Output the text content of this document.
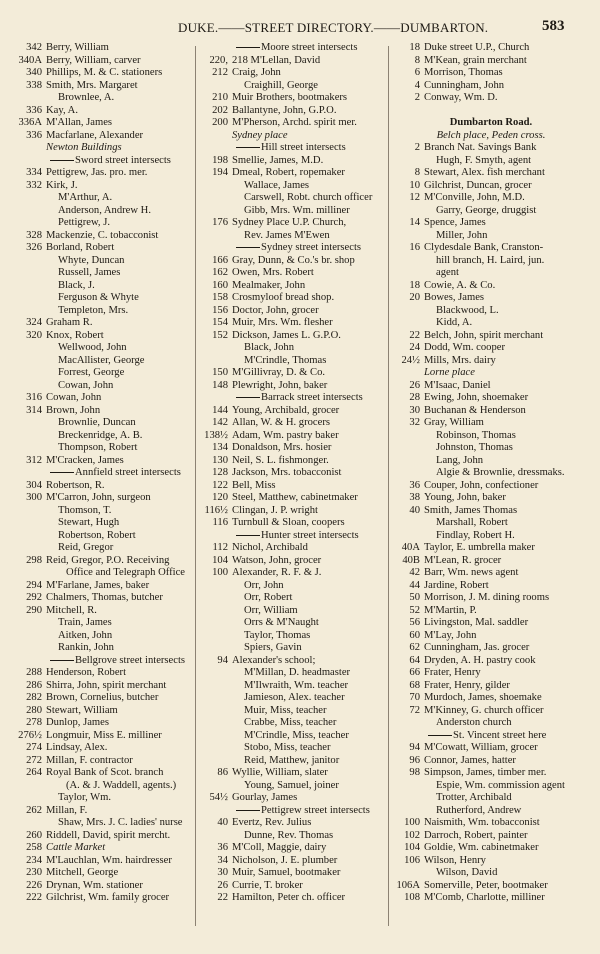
DUKE.——STREET DIRECTORY.——DUMBARTON.	583
342 Berry, William
340A Berry, William, carver
340 Phillips, M. & C. stationers
338 Smith, Mrs. Margaret
Brownlee, A.
336 Kay, A.
336A M'Allan, James
336 Macfarlane, Alexander
Newton Buildings
Sword street intersects
334 Pettigrew, Jas. pro. mer.
332 Kirk, J.
M'Arthur, A.
Anderson, Andrew H.
Pettigrew, J.
328 Mackenzie, C. tobacconist
326 Borland, Robert
Whyte, Duncan
Russell, James
Black, J.
Ferguson & Whyte
Templeton, Mrs.
324 Graham R.
320 Knox, Robert
Wellwood, John
MacAllister, George
Forrest, George
Cowan, John
316 Cowan, John
314 Brown, John
Brownlie, Duncan
Breckenridge, A. B.
Thompson, Robert
312 M'Cracken, James
Annfield street intersects
304 Robertson, R.
300 M'Carron, John, surgeon
Thomson, T.
Stewart, Hugh
Robertson, Robert
Reid, Gregor
298 Reid, Gregor, P.O. Receiving
Office and Telegraph Office
294 M'Farlane, James, baker
292 Chalmers, Thomas, butcher
290 Mitchell, R.
Train, James
Aitken, John
Rankin, John
Bellgrove street intersects
288 Henderson, Robert
286 Shirra, John, spirit merchant
282 Brown, Cornelius, butcher
280 Stewart, William
278 Dunlop, James
276½ Longmuir, Miss E. milliner
274 Lindsay, Alex.
272 Millan, F. contractor
264 Royal Bank of Scot. branch
(A. & J. Waddell, agents.)
Taylor, Wm.
262 Millan, F.
Shaw, Mrs. J. C. ladies' nurse
260 Riddell, David, spirit mercht.
258 Cattle Market
234 M'Lauchlan, Wm. hairdresser
230 Mitchell, George
226 Drynan, Wm. stationer
222 Gilchrist, Wm. family grocer
Moore street intersects
220, 218 M'Lellan, David
212 Craig, John
Craighill, George
210 Muir Brothers, bootmakers
202 Ballantyne, John, G.P.O.
200 M'Pherson, Archd. spirit mer.
Sydney place
Hill street intersects
198 Smellie, James, M.D.
194 Dmeal, Robert, ropemaker
Wallace, James
Carswell, Robt. church officer
Gibb, Mrs. Wm. milliner
176 Sydney Place U.P. Church,
Rev. James M'Ewen
Sydney street intersects
166 Gray, Dunn, & Co.'s br. shop
162 Owen, Mrs. Robert
160 Mealmaker, John
158 Crosmyloof bread shop.
156 Doctor, John, grocer
154 Muir, Mrs. Wm. flesher
152 Dickson, James L. G.P.O.
Black, John
M'Crindle, Thomas
150 M'Gillivray, D. & Co.
148 Plewright, John, baker
Barrack street intersects
144 Young, Archibald, grocer
142 Allan, W. & H. grocers
138½ Adam, Wm. pastry baker
134 Donaldson, Mrs. hosier
130 Neil, S. L. fishmonger.
128 Jackson, Mrs. tobacconist
122 Bell, Miss
120 Steel, Matthew, cabinetmaker
116½ Clingan, J. P. wright
116 Turnbull & Sloan, coopers
Hunter street intersects
112 Nichol, Archibald
104 Watson, John, grocer
100 Alexander, R. F. & J.
Orr, John
Orr, Robert
Orr, William
Orrs & M'Naught
Taylor, Thomas
Spiers, Gavin
94 Alexander's school;
M'Millan, D. headmaster
M'Ilwraith, Wm. teacher
Jamieson, Alex. teacher
Muir, Miss, teacher
Crabbe, Miss, teacher
M'Crindle, Miss, teacher
Stobo, Miss, teacher
Reid, Matthew, janitor
86 Wyllie, William, slater
Young, Samuel, joiner
54½ Gourlay, James
Pettigrew street intersects
40 Evertz, Rev. Julius
Dunne, Rev. Thomas
36 M'Coll, Maggie, dairy
34 Nicholson, J. E. plumber
30 Muir, Samuel, bootmaker
26 Currie, T. broker
22 Hamilton, Peter ch. officer
18 Duke street U.P., Church
8 M'Kean, grain merchant
6 Morrison, Thomas
4 Cunningham, John
2 Conway, Wm. D.
Dumbarton Road.
Belch place, Peden cross.
2 Branch Nat. Savings Bank
Hugh, F. Smyth, agent
8 Stewart, Alex. fish merchant
10 Gilchrist, Duncan, grocer
12 M'Conville, John, M.D.
Garry, George, druggist
14 Spence, James
Miller, John
16 Clydesdale Bank, Cranston-
hill branch, H. Laird, jun.
agent
18 Cowie, A. & Co.
20 Bowes, James
Blackwood, L.
Kidd, A.
22 Belch, John, spirit merchant
24 Dodd, Wm. cooper
24½ Mills, Mrs. dairy
Lorne place
26 M'Isaac, Daniel
28 Ewing, John, shoemaker
30 Buchanan & Henderson
32 Gray, William
Robinson, Thomas
Johnston, Thomas
Lang, John
Algie & Brownlie, dressmaks.
36 Couper, John, confectioner
38 Young, John, baker
40 Smith, James Thomas
Marshall, Robert
Findlay, Robert H.
40A Taylor, E. umbrella maker
40B M'Lean, R. grocer
42 Barr, Wm. news agent
44 Jardine, Robert
50 Morrison, J. M. dining rooms
52 M'Martin, P.
56 Livingston, Mal. saddler
60 M'Lay, John
62 Cunningham, Jas. grocer
64 Dryden, A. H. pastry cook
66 Frater, Henry
68 Frater, Henry, gilder
70 Murdoch, James, shoemake
72 M'Kinney, G. church officer
Anderston church
St. Vincent street here
94 M'Cowatt, William, grocer
96 Connor, James, hatter
98 Simpson, James, timber mer.
Espie, Wm. commission agent
Trotter, Archibald
Rutherford, Andrew
100 Naismith, Wm. tobacconist
102 Darroch, Robert, painter
104 Goldie, Wm. cabinetmaker
106 Wilson, Henry
Wilson, David
106A Somerville, Peter, bootmaker
108 M'Comb, Charlotte, milliner
